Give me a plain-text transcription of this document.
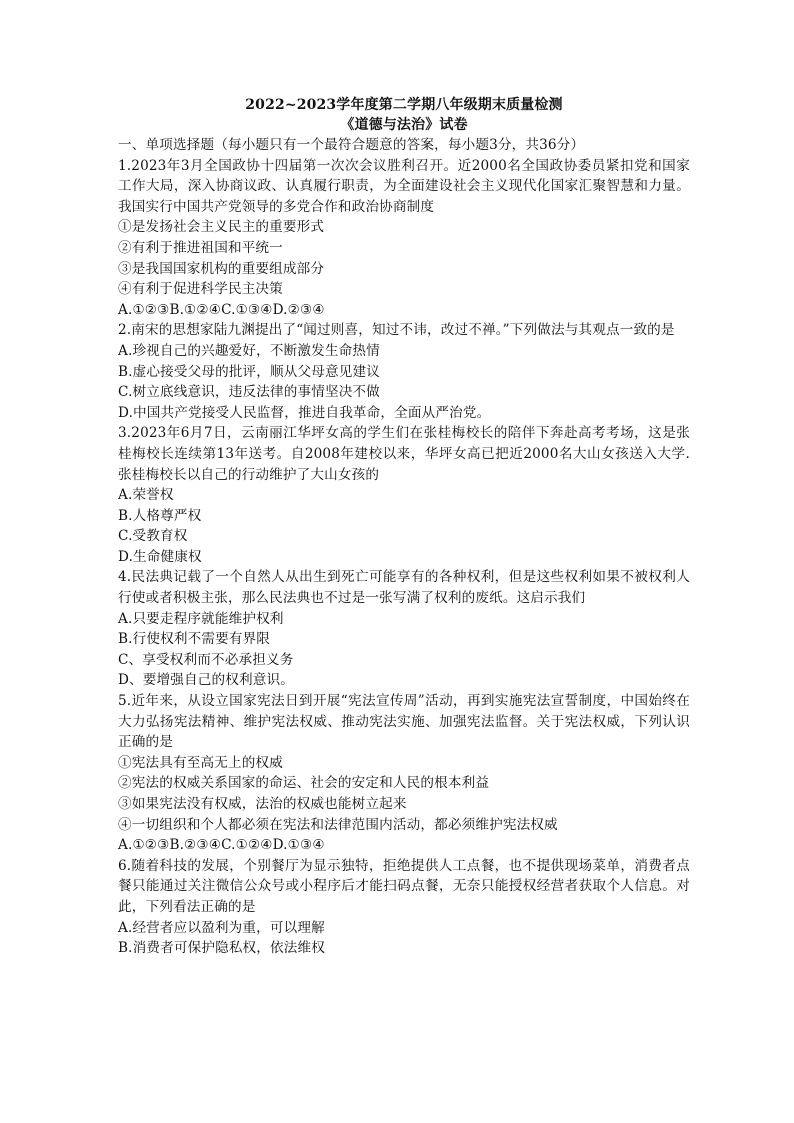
2022~2023学年度第二学期八年级期末质量检测

《道德与法治》试卷

一、单项选择题（每小题只有一个最符合题意的答案，每小题3分，共36分）

1.2023年3月全国政协十四届第一次次会议胜利召开。近2000名全国政协委员紧扣党和国家工作大局，深入协商议政、认真履行职责，为全面建设社会主义现代化国家汇聚智慧和力量。我国实行中国共产党领导的多党合作和政治协商制度

①是发扬社会主义民主的重要形式

②有利于推进祖国和平统一

③是我国国家机构的重要组成部分

④有利于促进科学民主决策

A.①②③B.①②④C.①③④D.②③④

2.南宋的思想家陆九渊提出了“闻过则喜，知过不讳，改过不禅。”下列做法与其观点一致的是

A.珍视自己的兴趣爱好，不断激发生命热情

B.虚心接受父母的批评，顺从父母意见建议

C.树立底线意识，违反法律的事情坚决不做

D.中国共产党接受人民监督，推进自我革命，全面从严治党。

3.2023年6月7日，云南丽江华坪女高的学生们在张桂梅校长的陪伴下奔赴高考考场，这是张桂梅校长连续第13年送考。自2008年建校以来，华坪女高已把近2000名大山女孩送入大学.张桂梅校长以自己的行动维护了大山女孩的

A.荣誉权

B.人格尊严权

C.受教育权

D.生命健康权

4.民法典记载了一个自然人从出生到死亡可能享有的各种权利，但是这些权利如果不被权利人行使或者积极主张，那么民法典也不过是一张写满了权利的废纸。这启示我们

A.只要走程序就能维护权利

B.行使权利不需要有界限

C、享受权利而不必承担义务

D、要增强自己的权利意识。

5.近年来，从设立国家宪法日到开展“宪法宣传周”活动，再到实施宪法宣誓制度，中国始终在大力弘扬宪法精神、维护宪法权威、推动宪法实施、加强宪法监督。关于宪法权威，下列认识正确的是

①宪法具有至高无上的权威

②宪法的权威关系国家的命运、社会的安定和人民的根本利益

③如果宪法没有权威，法治的权威也能树立起来

④一切组织和个人都必须在宪法和法律范围内活动，都必须维护宪法权威

A.①②③B.②③④C.①②④D.①③④

6.随着科技的发展，个别餐厅为显示独特，拒绝提供人工点餐，也不提供现场菜单，消费者点餐只能通过关注微信公众号或小程序后才能扫码点餐，无奈只能授权经营者获取个人信息。对此，下列看法正确的是

A.经营者应以盈利为重，可以理解

B.消费者可保护隐私权，依法维权
